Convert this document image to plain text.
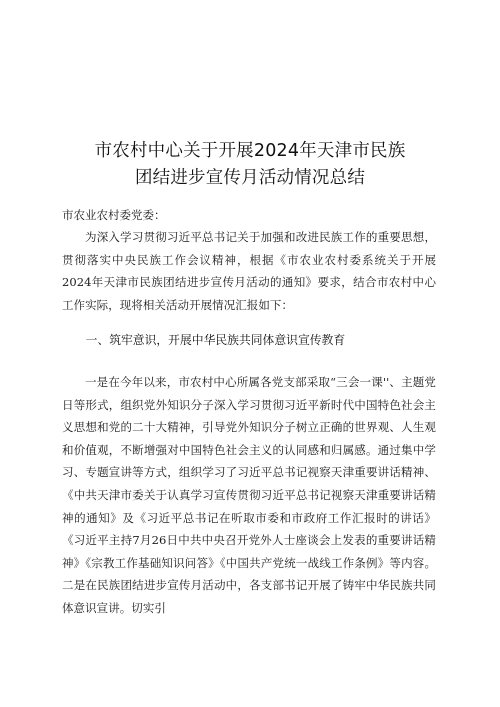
市农村中心关于开展2024年天津市民族
团结进步宣传月活动情况总结
市农业农村委党委：
为深入学习贯彻习近平总书记关于加强和改进民族工作的重要思想，贯彻落实中央民族工作会议精神，根据《市农业农村委系统关于开展2024年天津市民族团结进步宣传月活动的通知》要求，结合市农村中心工作实际，现将相关活动开展情况汇报如下：
一、筑牢意识，开展中华民族共同体意识宣传教育
一是在今年以来，市农村中心所属各党支部采取“三会一课''、主题党日等形式，组织党外知识分子深入学习贯彻习近平新时代中国特色社会主义思想和党的二十大精神，引导党外知识分子树立正确的世界观、人生观和价值观，不断增强对中国特色社会主义的认同感和归属感。通过集中学习、专题宣讲等方式，组织学习了习近平总书记视察天津重要讲话精神、《中共天津市委关于认真学习宣传贯彻习近平总书记视察天津重要讲话精神的通知》及《习近平总书记在听取市委和市政府工作汇报时的讲话》《习近平主持7月26日中共中央召开党外人士座谈会上发表的重要讲话精神》《宗教工作基础知识问答》《中国共产党统一战线工作条例》等内容。二是在民族团结进步宣传月活动中，各支部书记开展了铸牢中华民族共同体意识宣讲。切实引
